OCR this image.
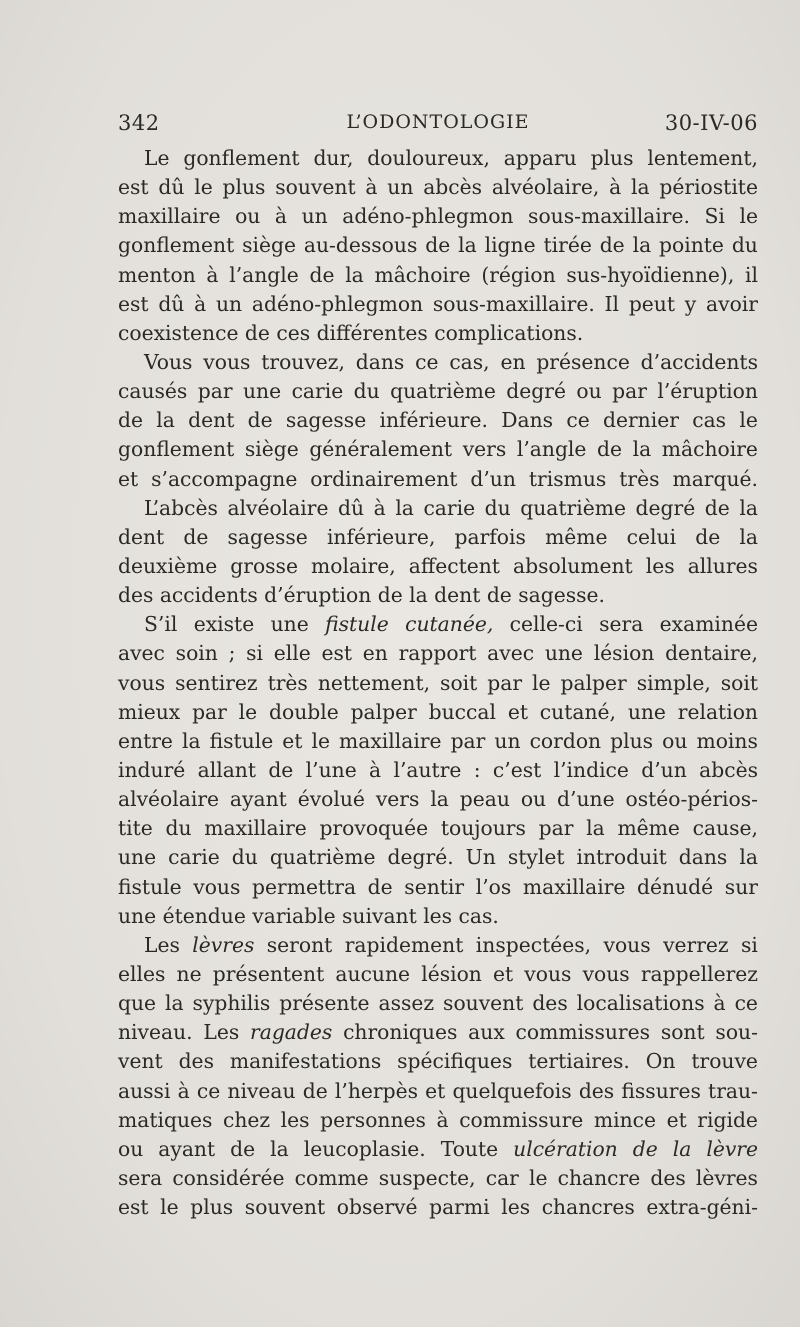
342	L’ODONTOLOGIE	30-IV-06
Le gonflement dur, douloureux, apparu plus lentement,
est dû le plus souvent à un abcès alvéolaire, à la périostite
maxillaire ou à un adéno-phlegmon sous-maxillaire. Si le
gonflement siège au-dessous de la ligne tirée de la pointe du
menton à l’angle de la mâchoire (région sus-hyoïdienne), il
est dû à un adéno-phlegmon sous-maxillaire. Il peut y avoir
coexistence de ces différentes complications.
Vous vous trouvez, dans ce cas, en présence d’accidents
causés par une carie du quatrième degré ou par l’éruption
de la dent de sagesse inférieure. Dans ce dernier cas le
gonflement siège généralement vers l’angle de la mâchoire
et s’accompagne ordinairement d’un trismus très marqué.
L’abcès alvéolaire dû à la carie du quatrième degré de la
dent de sagesse inférieure, parfois même celui de la
deuxième grosse molaire, affectent absolument les allures
des accidents d’éruption de la dent de sagesse.
S’il existe une fistule cutanée, celle-ci sera examinée
avec soin ; si elle est en rapport avec une lésion dentaire,
vous sentirez très nettement, soit par le palper simple, soit
mieux par le double palper buccal et cutané, une relation
entre la fistule et le maxillaire par un cordon plus ou moins
induré allant de l’une à l’autre : c’est l’indice d’un abcès
alvéolaire ayant évolué vers la peau ou d’une ostéo-périos-
tite du maxillaire provoquée toujours par la même cause,
une carie du quatrième degré. Un stylet introduit dans la
fistule vous permettra de sentir l’os maxillaire dénudé sur
une étendue variable suivant les cas.
Les lèvres seront rapidement inspectées, vous verrez si
elles ne présentent aucune lésion et vous vous rappellerez
que la syphilis présente assez souvent des localisations à ce
niveau. Les ragades chroniques aux commissures sont sou-
vent des manifestations spécifiques tertiaires. On trouve
aussi à ce niveau de l’herpès et quelquefois des fissures trau-
matiques chez les personnes à commissure mince et rigide
ou ayant de la leucoplasie. Toute ulcération de la lèvre
sera considérée comme suspecte, car le chancre des lèvres
est le plus souvent observé parmi les chancres extra-géni-
